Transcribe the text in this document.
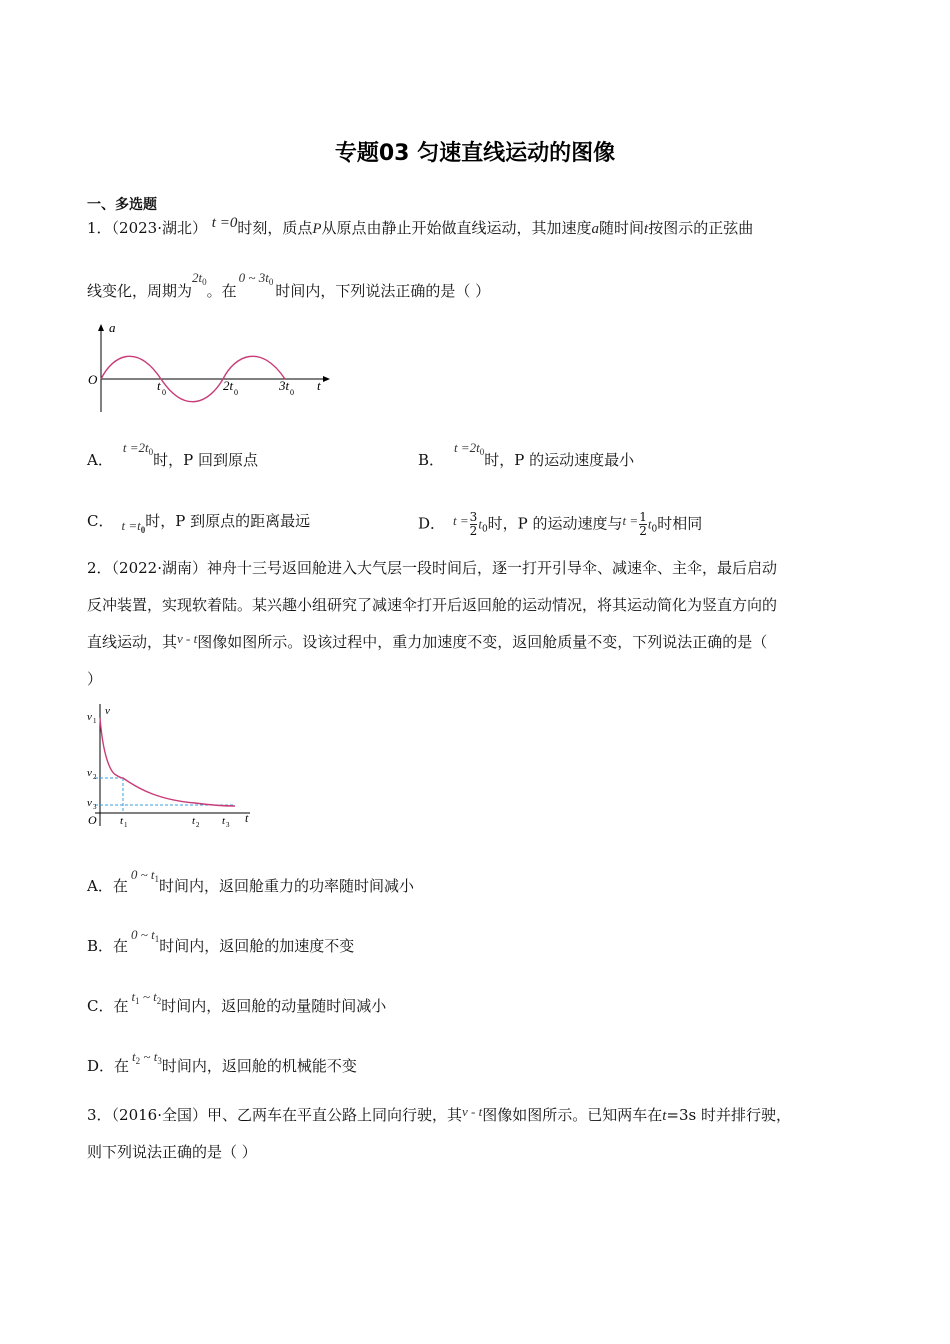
专题03 匀速直线运动的图像
一、多选题
1．（2023·湖北） t =0时刻，质点P从原点由静止开始做直线运动，其加速度a随时间t按图示的正弦曲
线变化，周期为$2t_0$。在0 ~ $3t_0$ 时间内，下列说法正确的是（ ）
a
O	t
t 0	2t 0	3t 0
A．$t =2t_0$时，P 回到原点	B．$t =2t_0$时，P 的运动速度最小
C． $t =t_0$时，P 到原点的距离最远	D． $t = \frac{3}{2} t_0$时，P 的运动速度与$t = \frac{1}{2} t_0$时相同
2．（2022·湖南）神舟十三号返回舱进入大气层一段时间后，逐一打开引导伞、减速伞、主伞，最后启动
反冲装置，实现软着陆。某兴趣小组研究了减速伞打开后返回舱的运动情况，将其运动简化为竖直方向的
直线运动，其v - t图像如图所示。设该过程中，重力加速度不变，返回舱质量不变，下列说法正确的是（
）
v 1
v
v 2
v 3
O t 1	t 2 t 3 t
A．在0 ~ $t_1$时间内，返回舱重力的功率随时间减小
B．在0 ~ $t_1$时间内，返回舱的加速度不变
C．在$t_1$ ~ $t_2$时间内，返回舱的动量随时间减小
D．在$t_2$ ~ $t_3$时间内，返回舱的机械能不变
3．（2016·全国）甲、乙两车在平直公路上同向行驶，其v - t图像如图所示。已知两车在t=3s 时并排行驶，
则下列说法正确的是（ ）
